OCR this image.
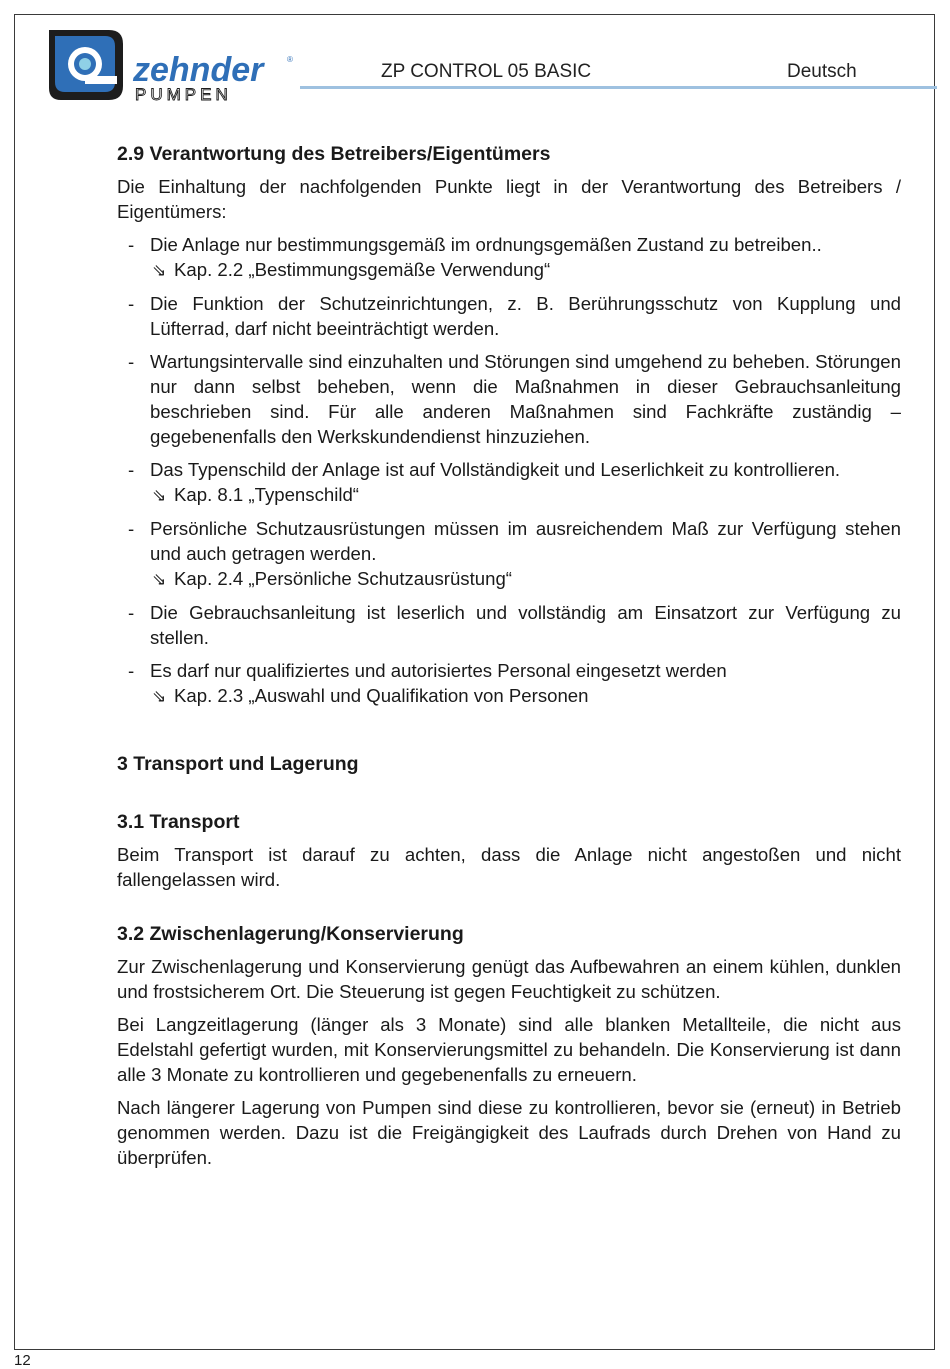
zehnder	®
PUMPEN
ZP CONTROL 05 BASIC	Deutsch
2.9 Verantwortung des Betreibers/Eigentümers

Die Einhaltung der nachfolgenden Punkte liegt in der Verantwortung des Betreibers / Eigentümers:

- Die Anlage nur bestimmungsgemäß im ordnungsgemäßen Zustand zu betreiben..
⇘ Kap. 2.2 „Bestimmungsgemäße Verwendung“
- Die Funktion der Schutzeinrichtungen, z. B. Berührungsschutz von Kupplung und Lüfterrad, darf nicht beeinträchtigt werden.
- Wartungsintervalle sind einzuhalten und Störungen sind umgehend zu beheben. Störungen nur dann selbst beheben, wenn die Maßnahmen in dieser Gebrauchsanleitung beschrieben sind. Für alle anderen Maßnahmen sind Fachkräfte zuständig – gegebenenfalls den Werkskundendienst hinzuziehen.
- Das Typenschild der Anlage ist auf Vollständigkeit und Leserlichkeit zu kontrollieren.
⇘ Kap. 8.1 „Typenschild“
- Persönliche Schutzausrüstungen müssen im ausreichendem Maß zur Verfügung stehen und auch getragen werden.
⇘ Kap. 2.4 „Persönliche Schutzausrüstung“
- Die Gebrauchsanleitung ist leserlich und vollständig am Einsatzort zur Verfügung zu stellen.
- Es darf nur qualifiziertes und autorisiertes Personal eingesetzt werden
⇘ Kap. 2.3 „Auswahl und Qualifikation von Personen
3 Transport und Lagerung
3.1 Transport

Beim Transport ist darauf zu achten, dass die Anlage nicht angestoßen und nicht fallengelassen wird.

3.2 Zwischenlagerung/Konservierung

Zur Zwischenlagerung und Konservierung genügt das Aufbewahren an einem kühlen, dunklen und frostsicherem Ort. Die Steuerung ist gegen Feuchtigkeit zu schützen.

Bei Langzeitlagerung (länger als 3 Monate) sind alle blanken Metallteile, die nicht aus Edelstahl gefertigt wurden, mit Konservierungsmittel zu behandeln. Die Konservierung ist dann alle 3 Monate zu kontrollieren und gegebenenfalls zu erneuern.

Nach längerer Lagerung von Pumpen sind diese zu kontrollieren, bevor sie (erneut) in Betrieb genommen werden. Dazu ist die Freigängigkeit des Laufrads durch Drehen von Hand zu überprüfen.

12
